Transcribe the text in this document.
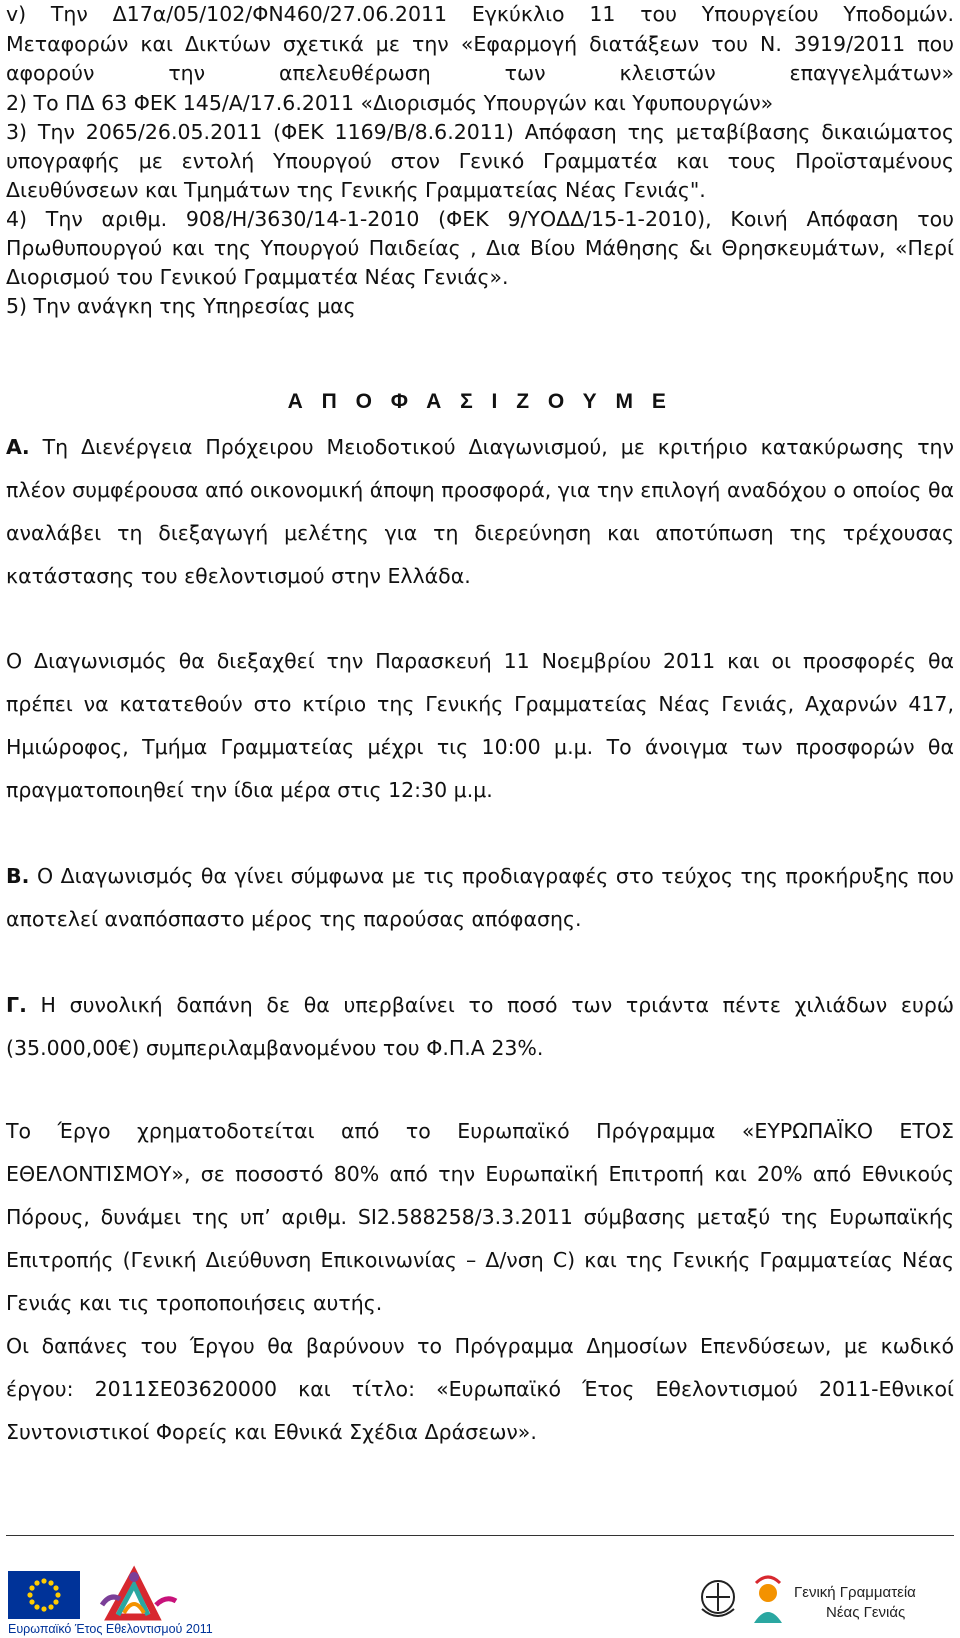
v) Την Δ17α/05/102/ΦΝ460/27.06.2011 Εγκύκλιο 11 του Υπουργείου Υποδομών. Μεταφορών και Δικτύων σχετικά με την «Εφαρμογή διατάξεων του Ν. 3919/2011 που αφορούν την απελευθέρωση των κλειστών επαγγελμάτων»

2) Το ΠΔ 63 ΦΕΚ 145/Α/17.6.2011 «Διορισμός Υπουργών και Υφυπουργών»

3) Την 2065/26.05.2011 (ΦΕΚ 1169/Β/8.6.2011) Απόφαση της μεταβίβασης δικαιώματος υπογραφής με εντολή Υπουργού στον Γενικό Γραμματέα και τους Προϊσταμένους Διευθύνσεων και Τμημάτων της Γενικής Γραμματείας Νέας Γενιάς".

4) Την αριθμ. 908/Η/3630/14-1-2010 (ΦΕΚ 9/ΥΟΔΔ/15-1-2010), Κοινή Απόφαση του Πρωθυπουργού και της Υπουργού Παιδείας , Δια Βίου Μάθησης &ι Θρησκευμάτων, «Περί Διορισμού του Γενικού Γραμματέα Νέας Γενιάς».

5) Την ανάγκη της Υπηρεσίας μας

Α Π Ο Φ Α Σ Ι Ζ Ο Υ Μ Ε

Α. Τη Διενέργεια Πρόχειρου Μειοδοτικού Διαγωνισμού, με κριτήριο κατακύρωσης την πλέον συμφέρουσα από οικονομική άποψη προσφορά, για την επιλογή αναδόχου ο οποίος θα αναλάβει τη διεξαγωγή μελέτης για τη διερεύνηση και αποτύπωση της τρέχουσας κατάστασης του εθελοντισμού στην Ελλάδα.

Ο Διαγωνισμός θα διεξαχθεί την Παρασκευή 11 Νοεμβρίου 2011 και οι προσφορές θα πρέπει να κατατεθούν στο κτίριο της Γενικής Γραμματείας Νέας Γενιάς, Αχαρνών 417, Ημιώροφος, Τμήμα Γραμματείας μέχρι τις 10:00 μ.μ. Το άνοιγμα των προσφορών θα πραγματοποιηθεί την ίδια μέρα στις 12:30 μ.μ.

Β. Ο Διαγωνισμός θα γίνει σύμφωνα με τις προδιαγραφές στο τεύχος της προκήρυξης που αποτελεί αναπόσπαστο μέρος της παρούσας απόφασης.

Γ. Η συνολική δαπάνη δε θα υπερβαίνει το ποσό των τριάντα πέντε χιλιάδων ευρώ (35.000,00€) συμπεριλαμβανομένου του Φ.Π.Α 23%.

Το Έργο χρηματοδοτείται από το Ευρωπαϊκό Πρόγραμμα «ΕΥΡΩΠΑΪΚΟ ΕΤΟΣ ΕΘΕΛΟΝΤΙΣΜΟΥ», σε ποσοστό 80% από την Ευρωπαϊκή Επιτροπή και 20% από Εθνικούς Πόρους, δυνάμει της υπ’ αριθμ. SI2.588258/3.3.2011 σύμβασης μεταξύ της Ευρωπαϊκής Επιτροπής (Γενική Διεύθυνση Επικοινωνίας – Δ/νση C) και της Γενικής Γραμματείας Νέας Γενιάς και τις τροποποιήσεις αυτής.

Οι δαπάνες του Έργου θα βαρύνουν το Πρόγραμμα Δημοσίων Επενδύσεων, με κωδικό έργου: 2011ΣΕ03620000 και τίτλο: «Ευρωπαϊκό Έτος Εθελοντισμού 2011-Εθνικοί Συντονιστικοί Φορείς και Εθνικά Σχέδια Δράσεων».

Ευρωπαϊκό Έτος Εθελοντισμού 2011
Γενική Γραμματεία
Νέας Γενιάς
